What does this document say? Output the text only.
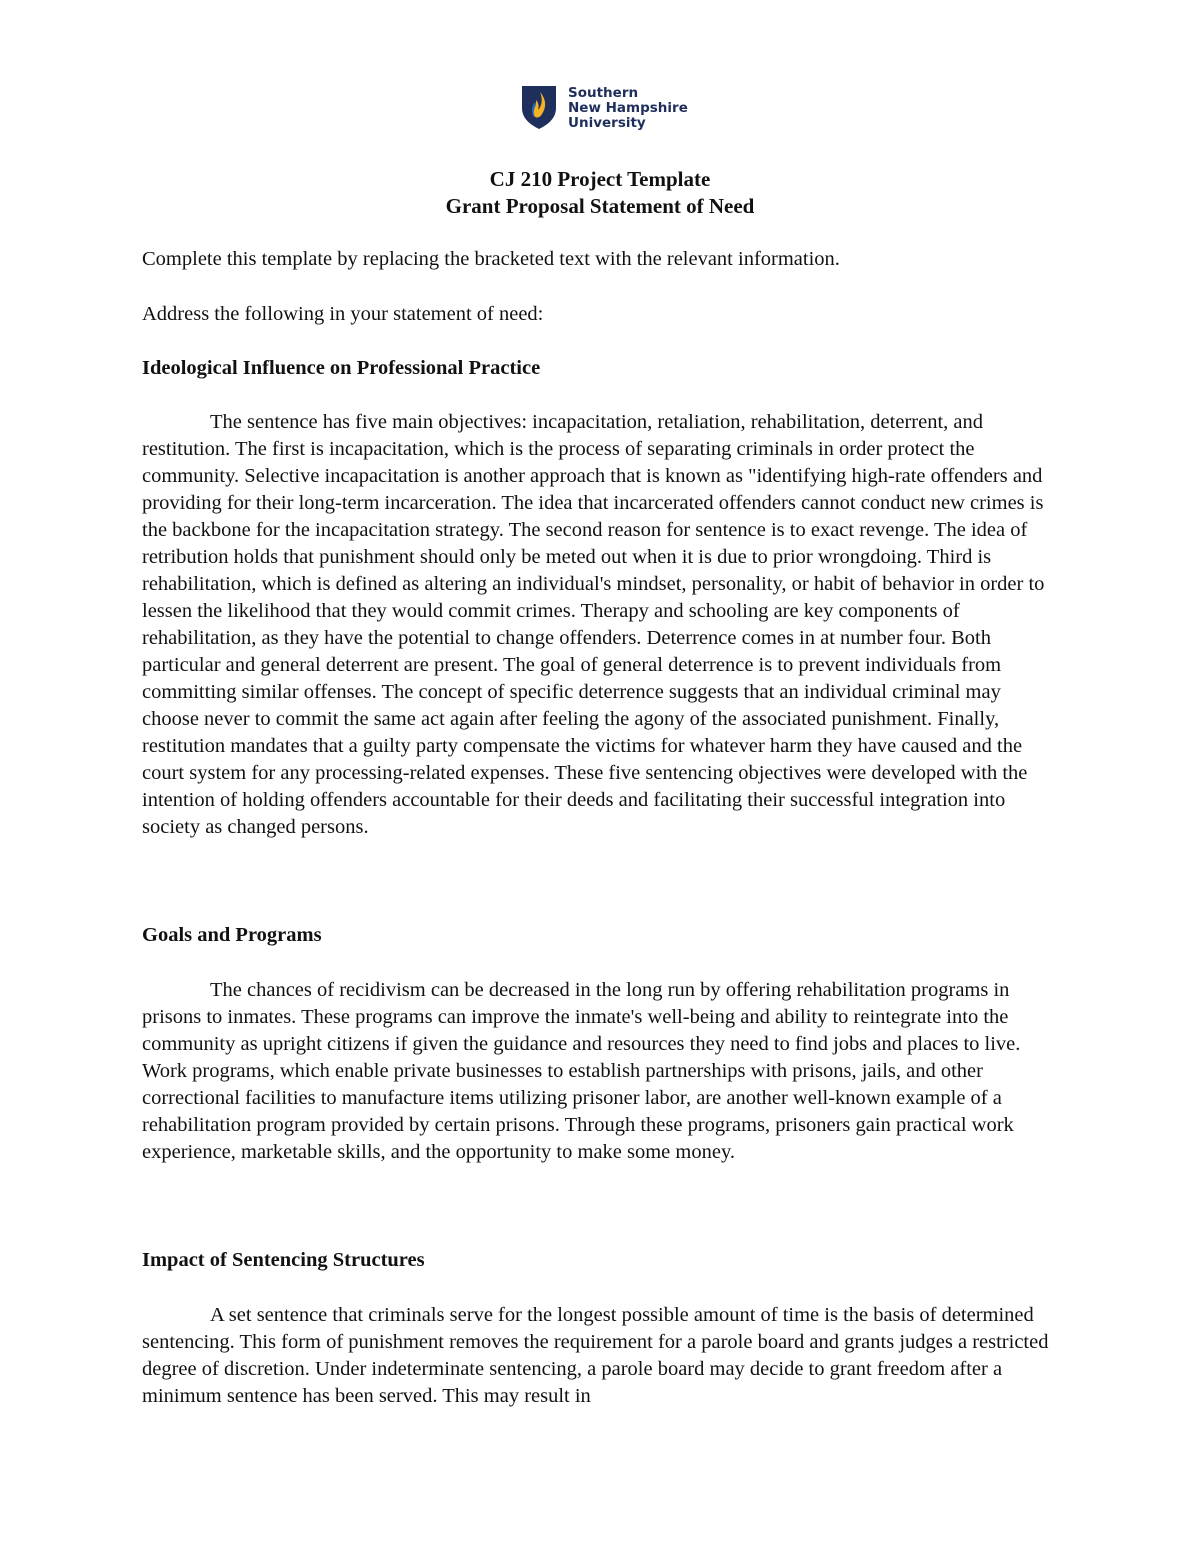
Southern
New Hampshire
University
CJ 210 Project Template
Grant Proposal Statement of Need

Complete this template by replacing the bracketed text with the relevant information.

Address the following in your statement of need:

Ideological Influence on Professional Practice

The sentence has five main objectives: incapacitation, retaliation, rehabilitation, deterrent, and restitution. The first is incapacitation, which is the process of separating criminals in order protect the community. Selective incapacitation is another approach that is known as "identifying high-rate offenders and providing for their long-term incarceration. The idea that incarcerated offenders cannot conduct new crimes is the backbone for the incapacitation strategy. The second reason for sentence is to exact revenge. The idea of retribution holds that punishment should only be meted out when it is due to prior wrongdoing. Third is rehabilitation, which is defined as altering an individual's mindset, personality, or habit of behavior in order to lessen the likelihood that they would commit crimes. Therapy and schooling are key components of rehabilitation, as they have the potential to change offenders. Deterrence comes in at number four. Both particular and general deterrent are present. The goal of general deterrence is to prevent individuals from committing similar offenses. The concept of specific deterrence suggests that an individual criminal may choose never to commit the same act again after feeling the agony of the associated punishment. Finally, restitution mandates that a guilty party compensate the victims for whatever harm they have caused and the court system for any processing-related expenses. These five sentencing objectives were developed with the intention of holding offenders accountable for their deeds and facilitating their successful integration into society as changed persons.

Goals and Programs

The chances of recidivism can be decreased in the long run by offering rehabilitation programs in prisons to inmates. These programs can improve the inmate's well-being and ability to reintegrate into the community as upright citizens if given the guidance and resources they need to find jobs and places to live. Work programs, which enable private businesses to establish partnerships with prisons, jails, and other correctional facilities to manufacture items utilizing prisoner labor, are another well-known example of a rehabilitation program provided by certain prisons. Through these programs, prisoners gain practical work experience, marketable skills, and the opportunity to make some money.

Impact of Sentencing Structures

A set sentence that criminals serve for the longest possible amount of time is the basis of determined sentencing. This form of punishment removes the requirement for a parole board and grants judges a restricted degree of discretion. Under indeterminate sentencing, a parole board may decide to grant freedom after a minimum sentence has been served. This may result in
